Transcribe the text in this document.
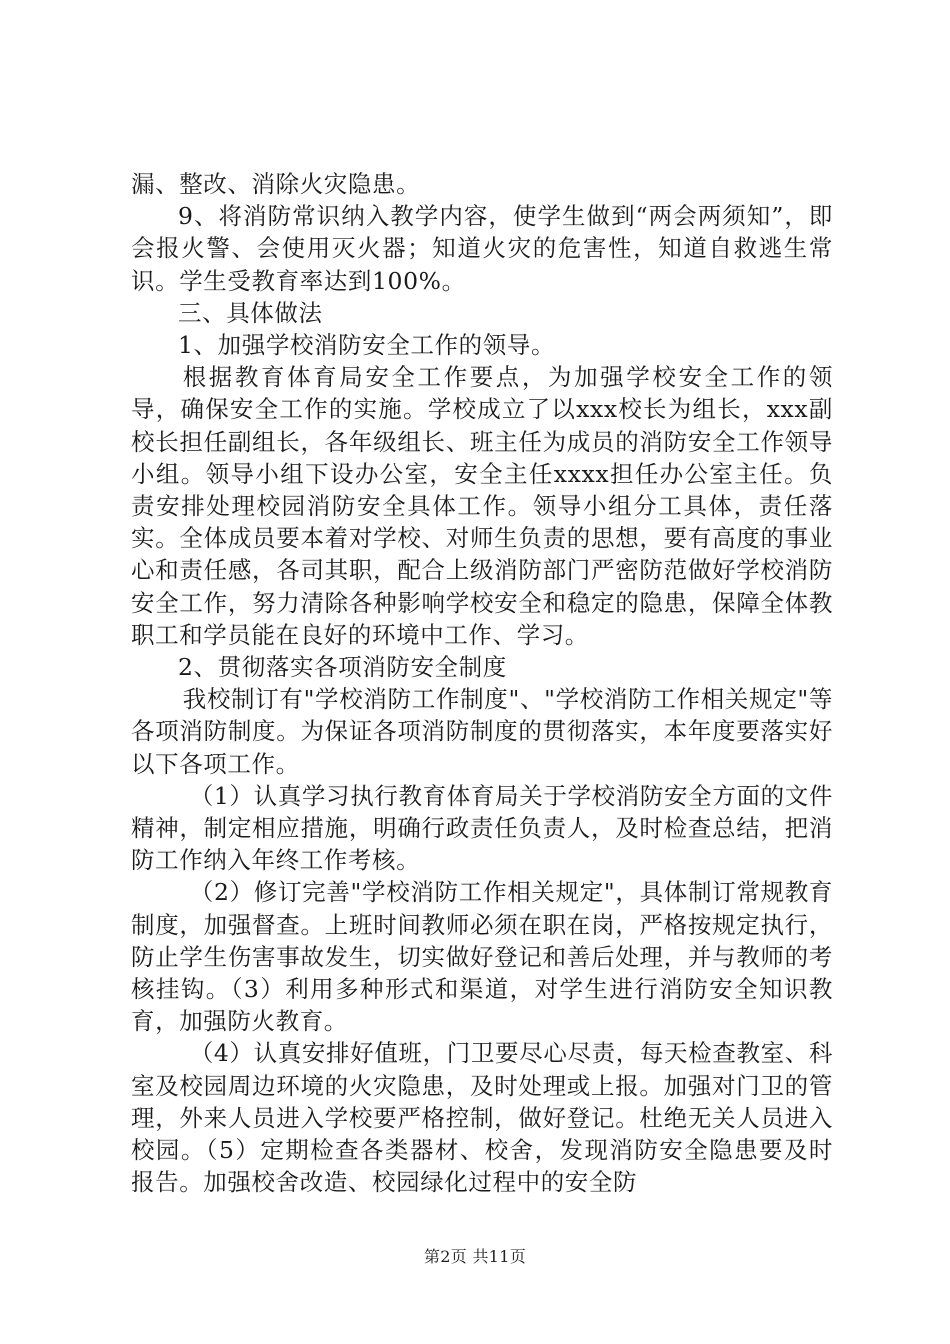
漏、整改、消除火灾隐患。

9、将消防常识纳入教学内容，使学生做到“两会两须知”，即会报火警、会使用灭火器；知道火灾的危害性，知道自救逃生常识。学生受教育率达到100%。

三、具体做法

1、加强学校消防安全工作的领导。

根据教育体育局安全工作要点，为加强学校安全工作的领导，确保安全工作的实施。学校成立了以xxx校长为组长，xxx副校长担任副组长，各年级组长、班主任为成员的消防安全工作领导小组。领导小组下设办公室，安全主任xxxx担任办公室主任。负责安排处理校园消防安全具体工作。领导小组分工具体，责任落实。全体成员要本着对学校、对师生负责的思想，要有高度的事业心和责任感，各司其职，配合上级消防部门严密防范做好学校消防安全工作，努力清除各种影响学校安全和稳定的隐患，保障全体教职工和学员能在良好的环境中工作、学习。

2、贯彻落实各项消防安全制度

我校制订有"学校消防工作制度"、"学校消防工作相关规定"等各项消防制度。为保证各项消防制度的贯彻落实，本年度要落实好以下各项工作。

（1）认真学习执行教育体育局关于学校消防安全方面的文件精神，制定相应措施，明确行政责任负责人，及时检查总结，把消防工作纳入年终工作考核。

（2）修订完善"学校消防工作相关规定"，具体制订常规教育制度，加强督查。上班时间教师必须在职在岗，严格按规定执行，防止学生伤害事故发生，切实做好登记和善后处理，并与教师的考核挂钩。（3）利用多种形式和渠道，对学生进行消防安全知识教育，加强防火教育。

（4）认真安排好值班，门卫要尽心尽责，每天检查教室、科室及校园周边环境的火灾隐患，及时处理或上报。加强对门卫的管理，外来人员进入学校要严格控制，做好登记。杜绝无关人员进入校园。（5）定期检查各类器材、校舍，发现消防安全隐患要及时报告。加强校舍改造、校园绿化过程中的安全防

第2页 共11页
